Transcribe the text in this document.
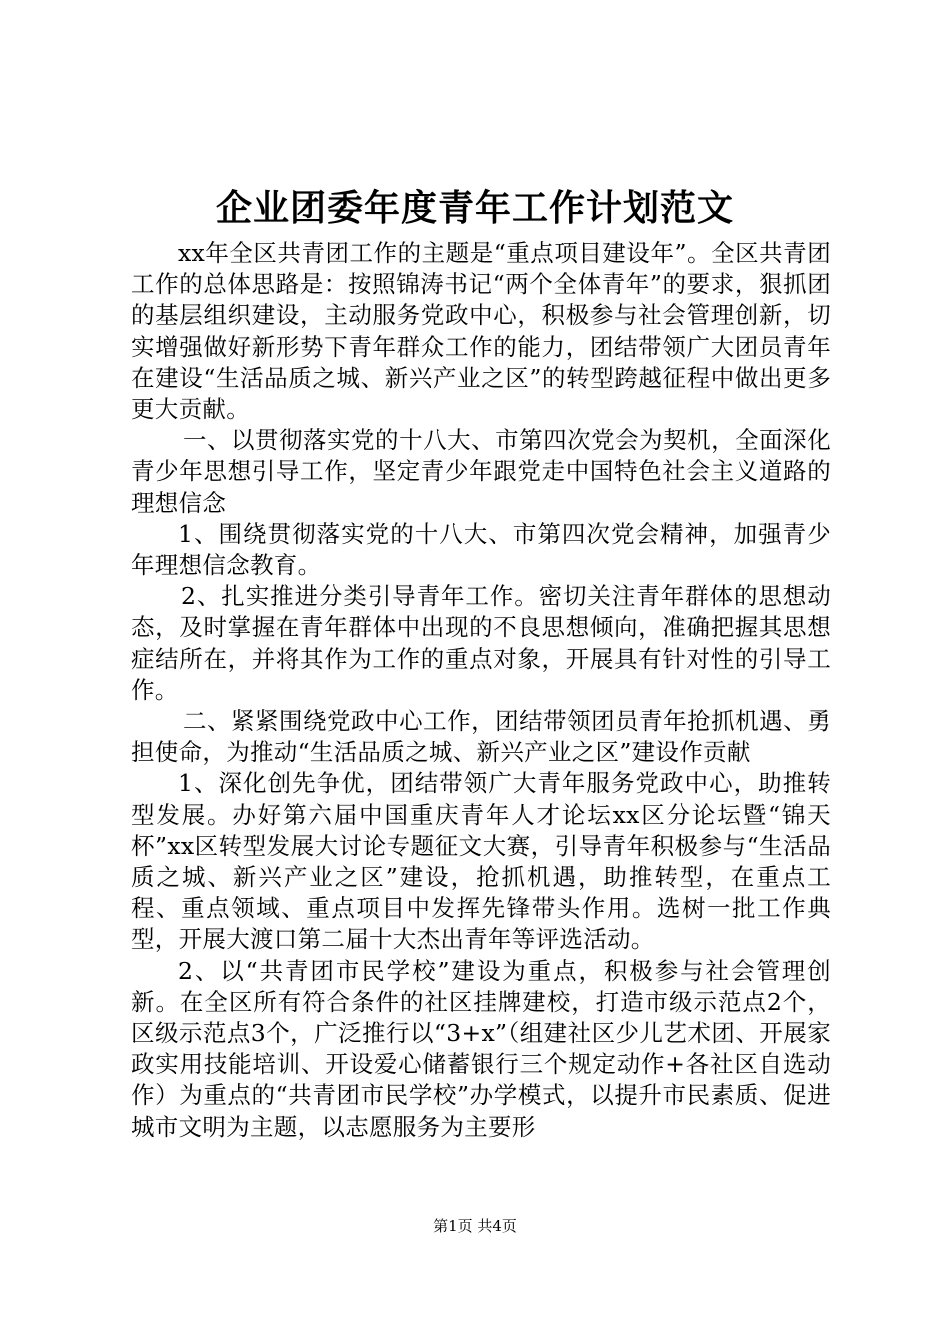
企业团委年度青年工作计划范文

xx年全区共青团工作的主题是“重点项目建设年”。全区共青团工作的总体思路是：按照锦涛书记“两个全体青年”的要求，狠抓团的基层组织建设，主动服务党政中心，积极参与社会管理创新，切实增强做好新形势下青年群众工作的能力，团结带领广大团员青年在建设“生活品质之城、新兴产业之区”的转型跨越征程中做出更多更大贡献。

一、以贯彻落实党的十八大、市第四次党会为契机，全面深化青少年思想引导工作，坚定青少年跟党走中国特色社会主义道路的理想信念

1、围绕贯彻落实党的十八大、市第四次党会精神，加强青少年理想信念教育。

2、扎实推进分类引导青年工作。密切关注青年群体的思想动态，及时掌握在青年群体中出现的不良思想倾向，准确把握其思想症结所在，并将其作为工作的重点对象，开展具有针对性的引导工作。

二、紧紧围绕党政中心工作，团结带领团员青年抢抓机遇、勇担使命，为推动“生活品质之城、新兴产业之区”建设作贡献

1、深化创先争优，团结带领广大青年服务党政中心，助推转型发展。办好第六届中国重庆青年人才论坛xx区分论坛暨“锦天杯”xx区转型发展大讨论专题征文大赛，引导青年积极参与“生活品质之城、新兴产业之区”建设，抢抓机遇，助推转型，在重点工程、重点领域、重点项目中发挥先锋带头作用。选树一批工作典型，开展大渡口第二届十大杰出青年等评选活动。

2、以“共青团市民学校”建设为重点，积极参与社会管理创新。在全区所有符合条件的社区挂牌建校，打造市级示范点2个，区级示范点3个，广泛推行以“3+x”（组建社区少儿艺术团、开展家政实用技能培训、开设爱心储蓄银行三个规定动作+各社区自选动作）为重点的“共青团市民学校”办学模式，以提升市民素质、促进城市文明为主题，以志愿服务为主要形

第1页 共4页
